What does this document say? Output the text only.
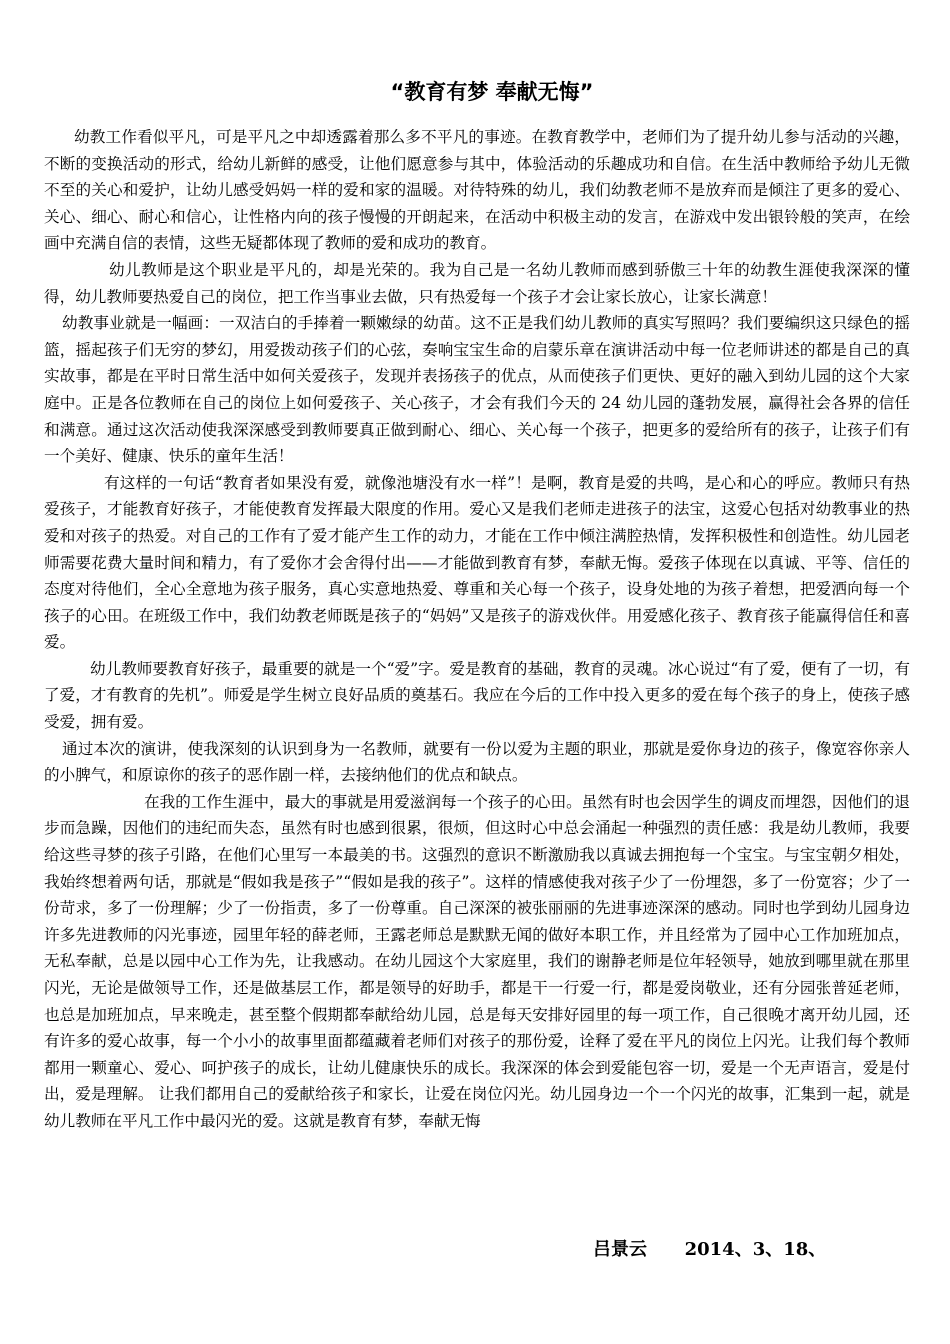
“教育有梦 奉献无悔”

幼教工作看似平凡，可是平凡之中却透露着那么多不平凡的事迹。在教育教学中，老师们为了提升幼儿参与活动的兴趣，不断的变换活动的形式，给幼儿新鲜的感受，让他们愿意参与其中，体验活动的乐趣成功和自信。在生活中教师给予幼儿无微不至的关心和爱护，让幼儿感受妈妈一样的爱和家的温暖。对待特殊的幼儿，我们幼教老师不是放弃而是倾注了更多的爱心、关心、细心、耐心和信心，让性格内向的孩子慢慢的开朗起来，在活动中积极主动的发言，在游戏中发出银铃般的笑声，在绘画中充满自信的表情，这些无疑都体现了教师的爱和成功的教育。

幼儿教师是这个职业是平凡的，却是光荣的。我为自己是一名幼儿教师而感到骄傲三十年的幼教生涯使我深深的懂得，幼儿教师要热爱自己的岗位，把工作当事业去做，只有热爱每一个孩子才会让家长放心，让家长满意！

幼教事业就是一幅画：一双洁白的手捧着一颗嫩绿的幼苗。这不正是我们幼儿教师的真实写照吗？我们要编织这只绿色的摇篮，摇起孩子们无穷的梦幻，用爱拨动孩子们的心弦，奏响宝宝生命的启蒙乐章在演讲活动中每一位老师讲述的都是自己的真实故事，都是在平时日常生活中如何关爱孩子，发现并表扬孩子的优点，从而使孩子们更快、更好的融入到幼儿园的这个大家庭中。正是各位教师在自己的岗位上如何爱孩子、关心孩子，才会有我们今天的 24 幼儿园的蓬勃发展，赢得社会各界的信任和满意。通过这次活动使我深深感受到教师要真正做到耐心、细心、关心每一个孩子，把更多的爱给所有的孩子，让孩子们有一个美好、健康、快乐的童年生活！

有这样的一句话“教育者如果没有爱，就像池塘没有水一样”！是啊，教育是爱的共鸣，是心和心的呼应。教师只有热爱孩子，才能教育好孩子，才能使教育发挥最大限度的作用。爱心又是我们老师走进孩子的法宝，这爱心包括对幼教事业的热爱和对孩子的热爱。对自己的工作有了爱才能产生工作的动力，才能在工作中倾注满腔热情，发挥积极性和创造性。幼儿园老师需要花费大量时间和精力，有了爱你才会舍得付出——才能做到教育有梦，奉献无悔。爱孩子体现在以真诚、平等、信任的态度对待他们，全心全意地为孩子服务，真心实意地热爱、尊重和关心每一个孩子，设身处地的为孩子着想，把爱洒向每一个孩子的心田。在班级工作中，我们幼教老师既是孩子的“妈妈”又是孩子的游戏伙伴。用爱感化孩子、教育孩子能赢得信任和喜爱。

幼儿教师要教育好孩子，最重要的就是一个“爱”字。爱是教育的基础，教育的灵魂。冰心说过“有了爱，便有了一切，有了爱，才有教育的先机”。师爱是学生树立良好品质的奠基石。我应在今后的工作中投入更多的爱在每个孩子的身上，使孩子感受爱，拥有爱。

通过本次的演讲，使我深刻的认识到身为一名教师，就要有一份以爱为主题的职业，那就是爱你身边的孩子，像宽容你亲人的小脾气，和原谅你的孩子的恶作剧一样，去接纳他们的优点和缺点。

在我的工作生涯中，最大的事就是用爱滋润每一个孩子的心田。虽然有时也会因学生的调皮而埋怨，因他们的退步而急躁，因他们的违纪而失态，虽然有时也感到很累，很烦，但这时心中总会涌起一种强烈的责任感：我是幼儿教师，我要给这些寻梦的孩子引路，在他们心里写一本最美的书。这强烈的意识不断激励我以真诚去拥抱每一个宝宝。与宝宝朝夕相处，我始终想着两句话，那就是“假如我是孩子”“假如是我的孩子”。这样的情感使我对孩子少了一份埋怨，多了一份宽容；少了一份苛求，多了一份理解；少了一份指责，多了一份尊重。自己深深的被张丽丽的先进事迹深深的感动。同时也学到幼儿园身边许多先进教师的闪光事迹，园里年轻的薛老师，王露老师总是默默无闻的做好本职工作，并且经常为了园中心工作加班加点，无私奉献，总是以园中心工作为先，让我感动。在幼儿园这个大家庭里，我们的谢静老师是位年轻领导，她放到哪里就在那里闪光，无论是做领导工作，还是做基层工作，都是领导的好助手，都是干一行爱一行，都是爱岗敬业，还有分园张普延老师，也总是加班加点，早来晚走，甚至整个假期都奉献给幼儿园，总是每天安排好园里的每一项工作，自己很晚才离开幼儿园，还有许多的爱心故事，每一个小小的故事里面都蕴藏着老师们对孩子的那份爱，诠释了爱在平凡的岗位上闪光。让我们每个教师都用一颗童心、爱心、呵护孩子的成长，让幼儿健康快乐的成长。我深深的体会到爱能包容一切，爱是一个无声语言，爱是付出，爱是理解。 让我们都用自己的爱献给孩子和家长，让爱在岗位闪光。幼儿园身边一个一个闪光的故事，汇集到一起，就是幼儿教师在平凡工作中最闪光的爱。这就是教育有梦，奉献无悔

吕景云      2014、3、18、
